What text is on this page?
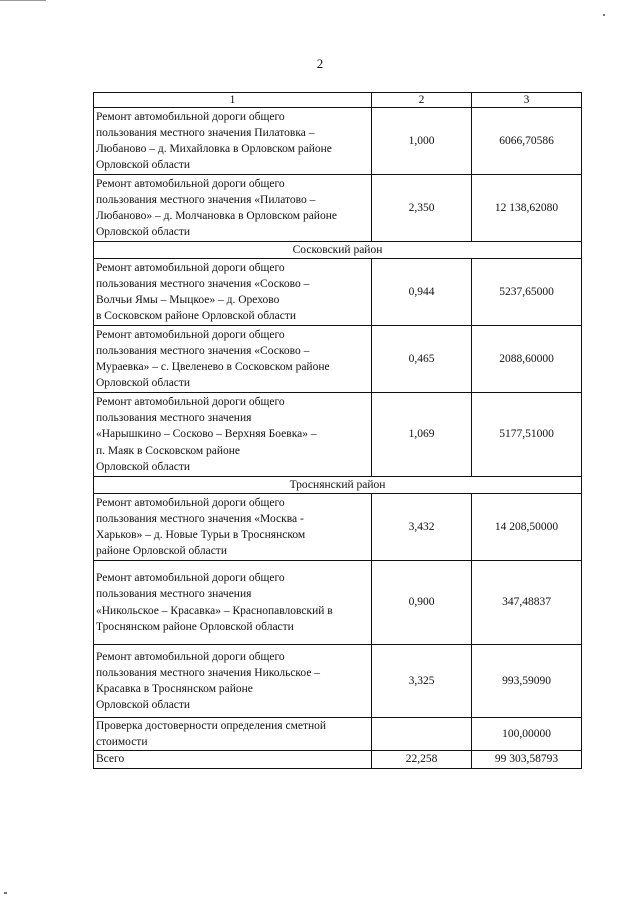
2
1	2	3

Ремонт автомобильной дороги общего
пользования местного значения Пилатовка –
Любаново – д. Михайловка в Орловском районе
Орловской области	1,000	6066,70586

Ремонт автомобильной дороги общего
пользования местного значения «Пилатово –
Любаново» – д. Молчановка в Орловском районе
Орловской области	2,350	12 138,62080
Сосковский район		

Ремонт автомобильной дороги общего
пользования местного значения «Сосково –
Волчьи Ямы – Мыцкое» – д. Орехово
в Сосковском районе Орловской области	0,944	5237,65000

Ремонт автомобильной дороги общего
пользования местного значения «Сосково –
Мураевка» – с. Цвеленево в Сосковском районе
Орловской области	0,465	2088,60000

Ремонт автомобильной дороги общего
пользования местного значения
«Нарышкино – Сосково – Верхняя Боевка» –
п. Маяк в Сосковском районе
Орловской области	1,069	5177,51000
Троснянский район		

Ремонт автомобильной дороги общего
пользования местного значения «Москва -
Харьков» – д. Новые Турьи в Троснянском
районе Орловской области	3,432	14 208,50000

Ремонт автомобильной дороги общего
пользования местного значения
«Никольское – Красавка» – Краснопавловский в
Троснянском районе Орловской области	0,900	347,48837

Ремонт автомобильной дороги общего
пользования местного значения Никольское –
Красавка в Троснянском районе
Орловской области	3,325	993,59090

Проверка достоверности определения сметной
стоимости		100,00000

Всего	22,258	99 303,58793
